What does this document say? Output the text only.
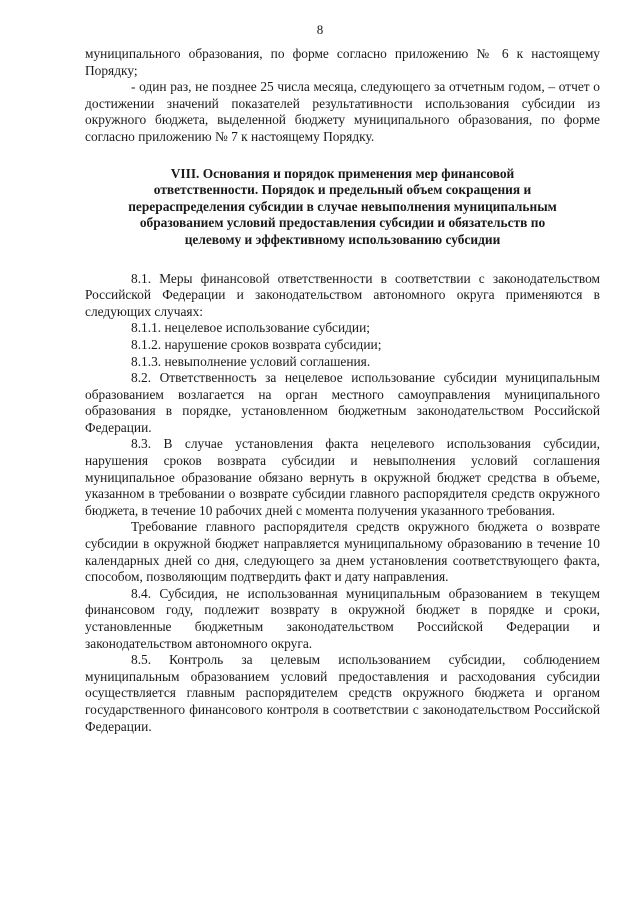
8

муниципального образования, по форме согласно приложению № 6 к настоящему Порядку;

- один раз, не позднее 25 числа месяца, следующего за отчетным годом, – отчет о достижении значений показателей результативности использования субсидии из окружного бюджета, выделенной бюджету муниципального образования, по форме согласно приложению № 7 к настоящему Порядку.

VIII. Основания и порядок применения мер финансовой
ответственности. Порядок и предельный объем сокращения и
перераспределения субсидии в случае невыполнения муниципальным
образованием условий предоставления субсидии и обязательств по
целевому и эффективному использованию субсидии

8.1. Меры финансовой ответственности в соответствии с законодательством Российской Федерации и законодательством автономного округа применяются в следующих случаях:

8.1.1. нецелевое использование субсидии;

8.1.2. нарушение сроков возврата субсидии;

8.1.3. невыполнение условий соглашения.

8.2. Ответственность за нецелевое использование субсидии муниципальным образованием возлагается на орган местного самоуправления муниципального образования в порядке, установленном бюджетным законодательством Российской Федерации.

8.3. В случае установления факта нецелевого использования субсидии, нарушения сроков возврата субсидии и невыполнения условий соглашения муниципальное образование обязано вернуть в окружной бюджет средства в объеме, указанном в требовании о возврате субсидии главного распорядителя средств окружного бюджета, в течение 10 рабочих дней с момента получения указанного требования.

Требование главного распорядителя средств окружного бюджета о возврате субсидии в окружной бюджет направляется муниципальному образованию в течение 10 календарных дней со дня, следующего за днем установления соответствующего факта, способом, позволяющим подтвердить факт и дату направления.

8.4. Субсидия, не использованная муниципальным образованием в текущем финансовом году, подлежит возврату в окружной бюджет в порядке и сроки, установленные бюджетным законодательством Российской Федерации и законодательством автономного округа.

8.5. Контроль за целевым использованием субсидии, соблюдением муниципальным образованием условий предоставления и расходования субсидии осуществляется главным распорядителем средств окружного бюджета и органом государственного финансового контроля в соответствии с законодательством Российской Федерации.
